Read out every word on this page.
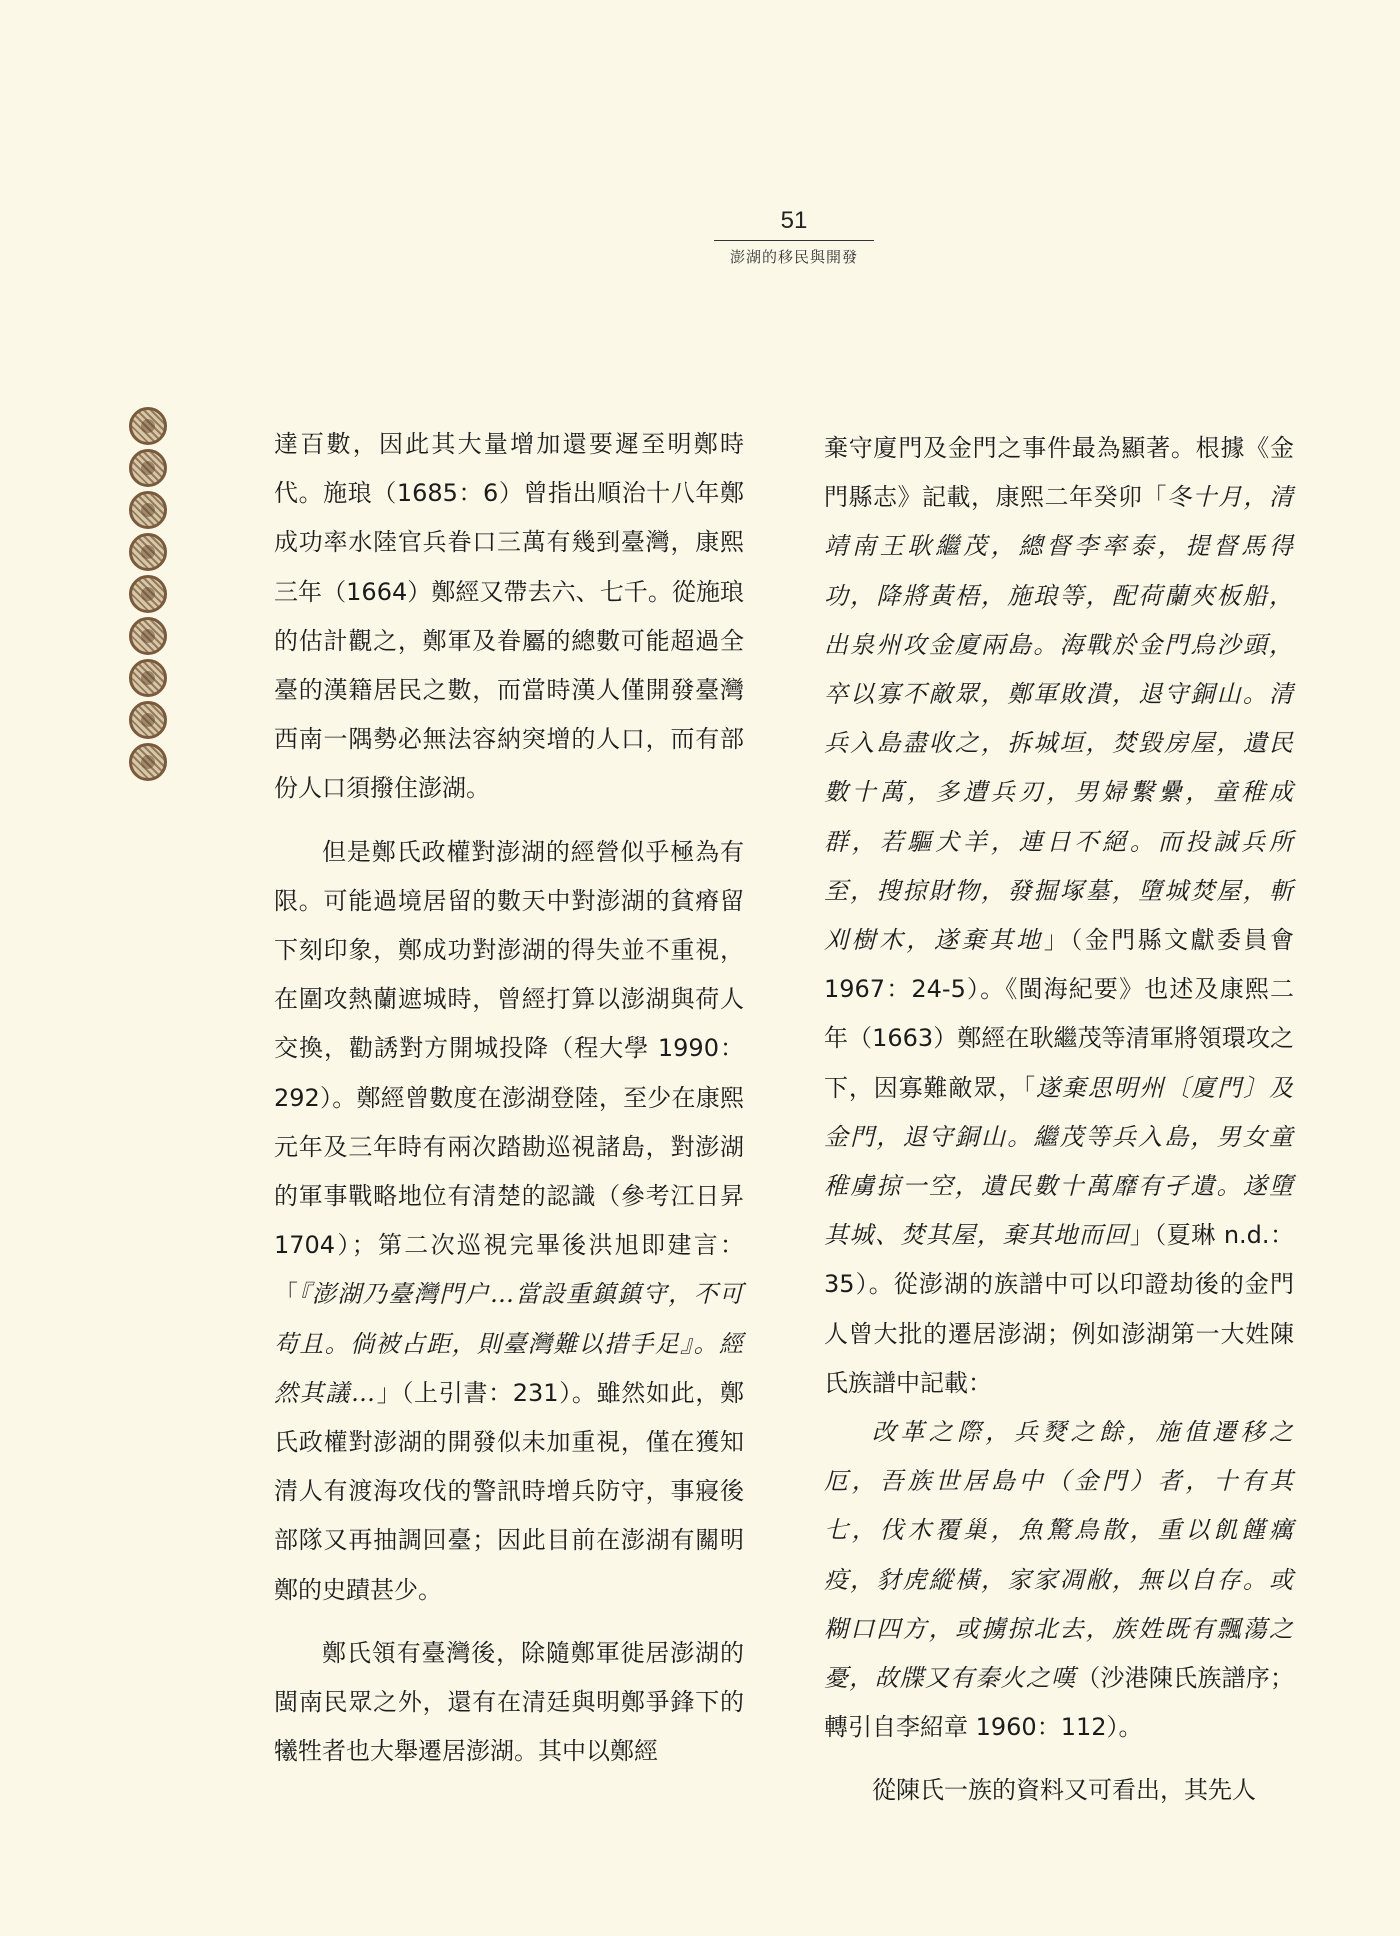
51
澎湖的移民與開發

達百數，因此其大量增加還要遲至明鄭時代。施琅（1685：6）曾指出順治十八年鄭成功率水陸官兵眷口三萬有幾到臺灣，康熙三年（1664）鄭經又帶去六、七千。從施琅的估計觀之，鄭軍及眷屬的總數可能超過全臺的漢籍居民之數，而當時漢人僅開發臺灣西南一隅勢必無法容納突增的人口，而有部份人口須撥住澎湖。

但是鄭氏政權對澎湖的經營似乎極為有限。可能過境居留的數天中對澎湖的貧瘠留下刻印象，鄭成功對澎湖的得失並不重視，在圍攻熱蘭遮城時，曾經打算以澎湖與荷人交換，勸誘對方開城投降（程大學 1990：292）。鄭經曾數度在澎湖登陸，至少在康熙元年及三年時有兩次踏勘巡視諸島，對澎湖的軍事戰略地位有清楚的認識（參考江日昇1704）；第二次巡視完畢後洪旭即建言：「『澎湖乃臺灣門户…當設重鎮鎮守，不可苟且。倘被占距，則臺灣難以措手足』。經然其議…」（上引書：231）。雖然如此，鄭氏政權對澎湖的開發似未加重視，僅在獲知清人有渡海攻伐的警訊時增兵防守，事寢後部隊又再抽調回臺；因此目前在澎湖有關明鄭的史蹟甚少。

鄭氏領有臺灣後，除隨鄭軍徙居澎湖的閩南民眾之外，還有在清廷與明鄭爭鋒下的犧牲者也大舉遷居澎湖。其中以鄭經

棄守廈門及金門之事件最為顯著。根據《金門縣志》記載，康熙二年癸卯「冬十月，清靖南王耿繼茂，總督李率泰，提督馬得功，降將黃梧，施琅等，配荷蘭夾板船，出泉州攻金廈兩島。海戰於金門烏沙頭，卒以寡不敵眾，鄭軍敗潰，退守銅山。清兵入島盡收之，拆城垣，焚毀房屋，遺民數十萬，多遭兵刃，男婦繫纍，童稚成群，若驅犬羊，連日不絕。而投誠兵所至，搜掠財物，發掘塚墓，墮城焚屋，斬刈樹木，遂棄其地」（金門縣文獻委員會 1967：24-5）。《閩海紀要》也述及康熙二年（1663）鄭經在耿繼茂等清軍將領環攻之下，因寡難敵眾，「遂棄思明州〔廈門〕及金門，退守銅山。繼茂等兵入島，男女童稚虜掠一空，遺民數十萬靡有孑遺。遂墮其城、焚其屋，棄其地而回」（夏琳 n.d.：35）。從澎湖的族譜中可以印證劫後的金門人曾大批的遷居澎湖；例如澎湖第一大姓陳氏族譜中記載：

改革之際，兵燹之餘，施值遷移之厄，吾族世居島中（金門）者，十有其七，伐木覆巢，魚驚鳥散，重以飢饉癘疫，豺虎縱橫，家家凋敝，無以自存。或糊口四方，或擄掠北去，族姓既有飄蕩之憂，故牒又有秦火之嘆（沙港陳氏族譜序；轉引自李紹章 1960：112）。

從陳氏一族的資料又可看出，其先人
